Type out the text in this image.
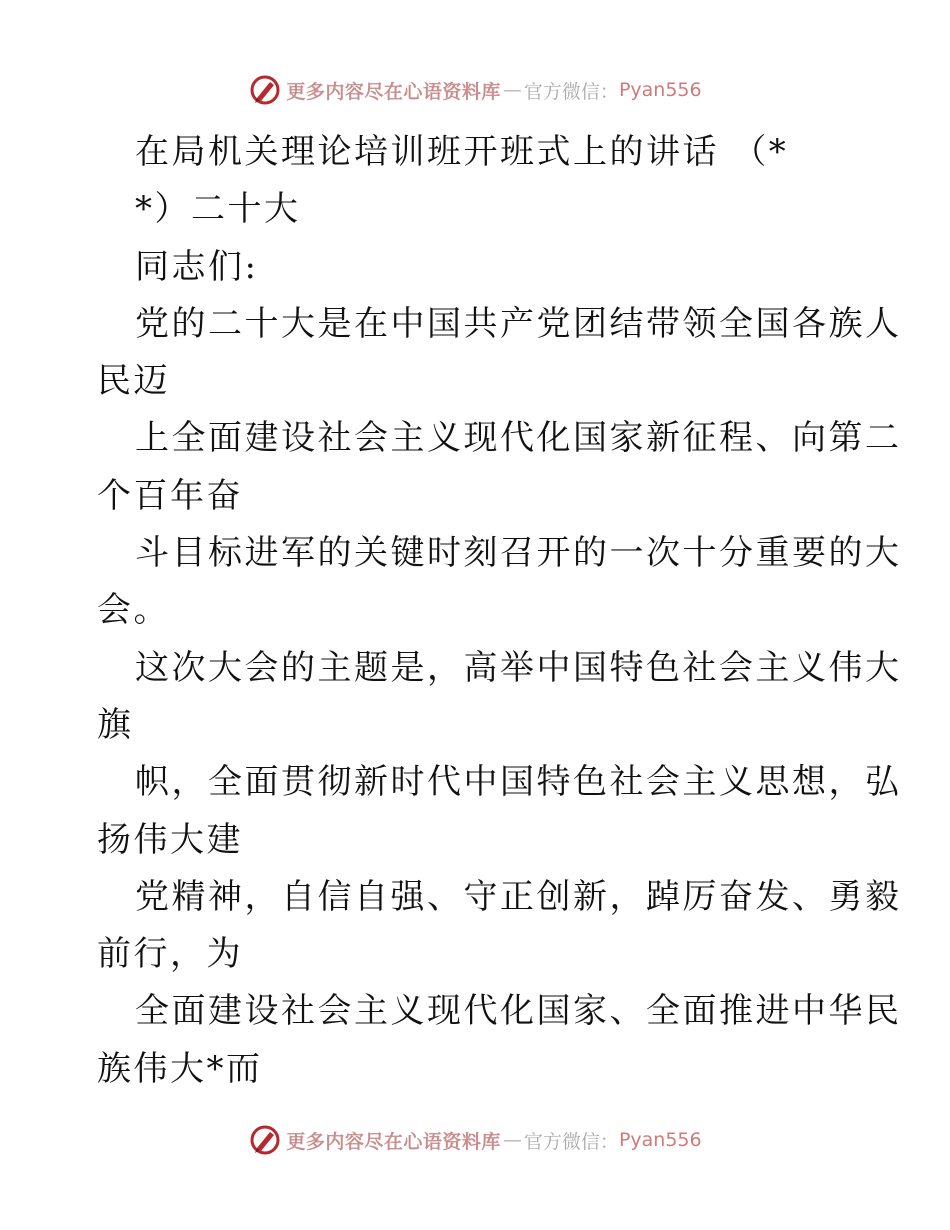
更多内容尽在心语资料库 — 官方微信： Pyan556
在局机关理论培训班开班式上的讲话 （*
*）二十大
同志们:
党的二十大是在中国共产党团结带领全国各族人
民迈
上全面建设社会主义现代化国家新征程、向第二
个百年奋
斗目标进军的关键时刻召开的一次十分重要的大
会。
这次大会的主题是，高举中国特色社会主义伟大
旗
帜，全面贯彻新时代中国特色社会主义思想，弘
扬伟大建
党精神，自信自强、守正创新，踔厉奋发、勇毅
前行，为
全面建设社会主义现代化国家、全面推进中华民
族伟大*而
更多内容尽在心语资料库 — 官方微信： Pyan556
